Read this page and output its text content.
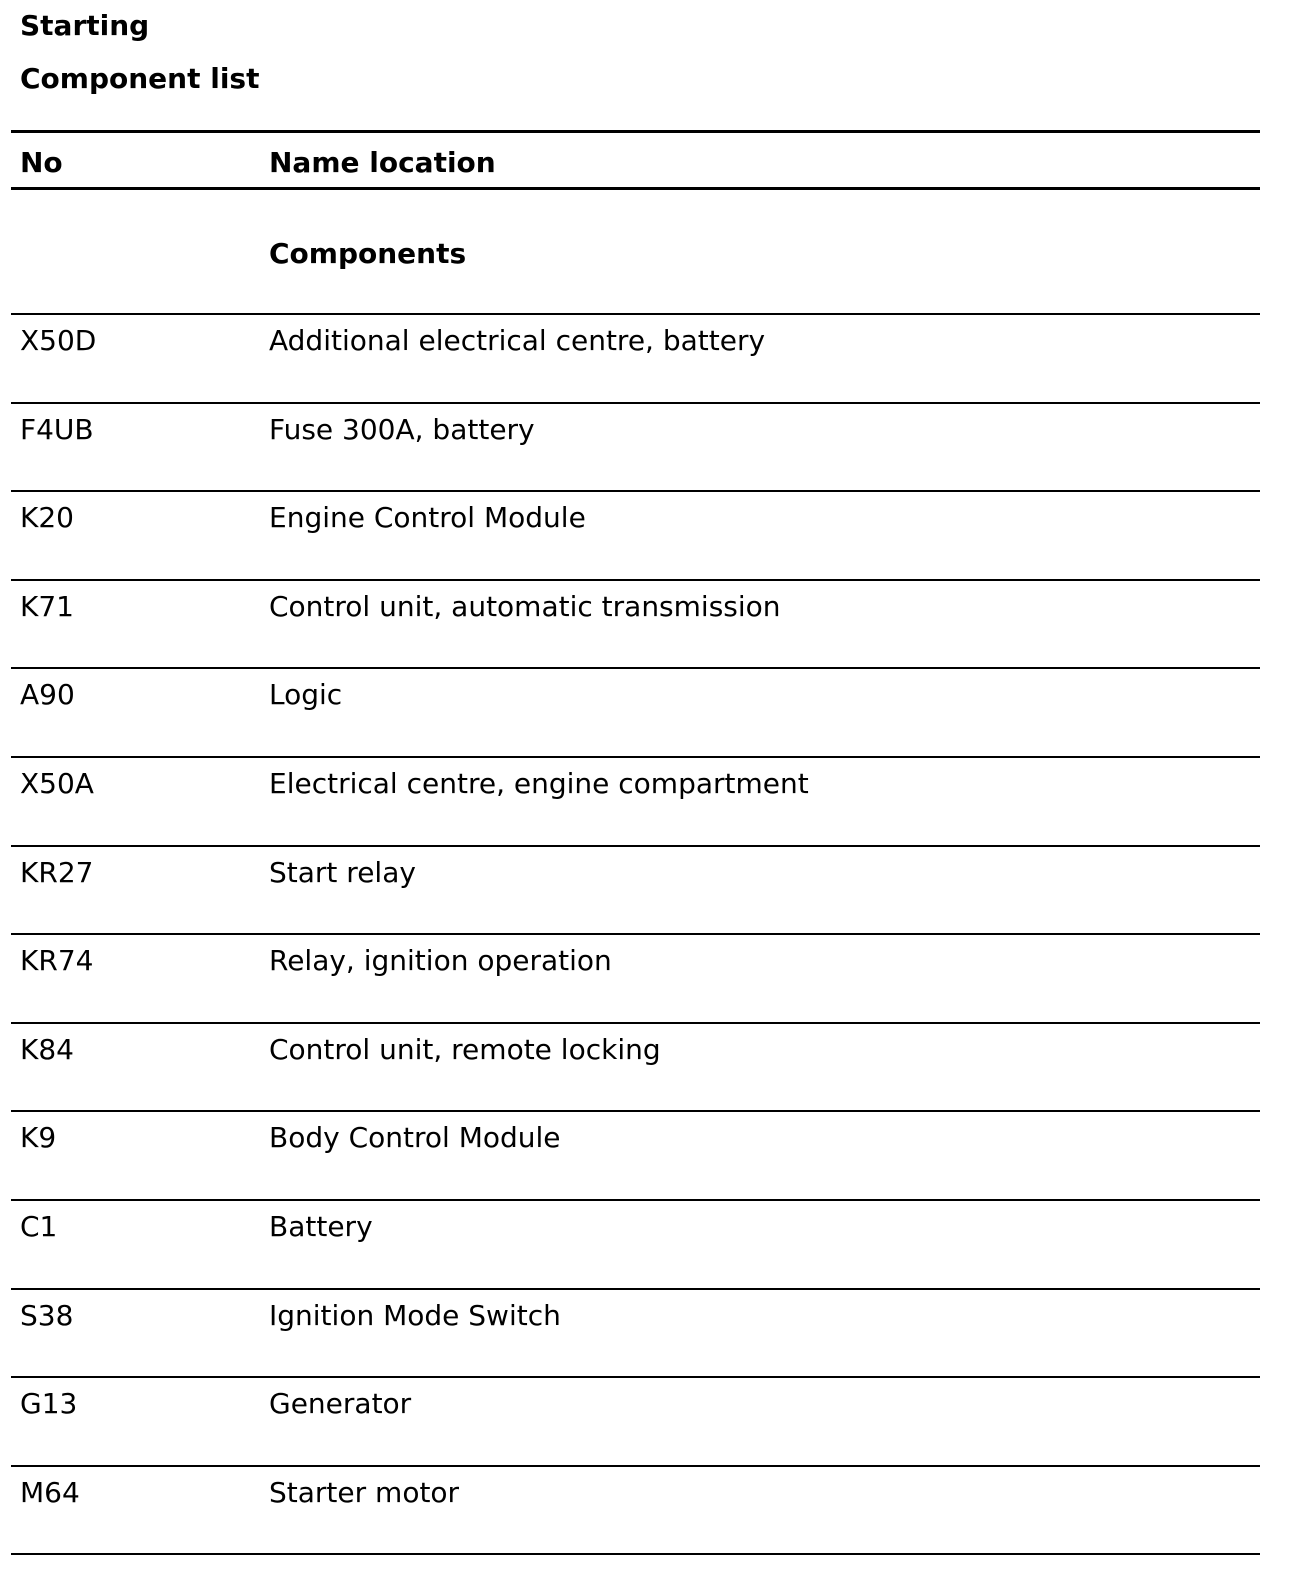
Starting
Component list
No	Name location
Components
X50D	Additional electrical centre, battery
F4UB	Fuse 300A, battery
K20	Engine Control Module
K71	Control unit, automatic transmission
A90	Logic
X50A	Electrical centre, engine compartment
KR27	Start relay
KR74	Relay, ignition operation
K84	Control unit, remote locking
K9	Body Control Module
C1	Battery
S38	Ignition Mode Switch
G13	Generator
M64	Starter motor
